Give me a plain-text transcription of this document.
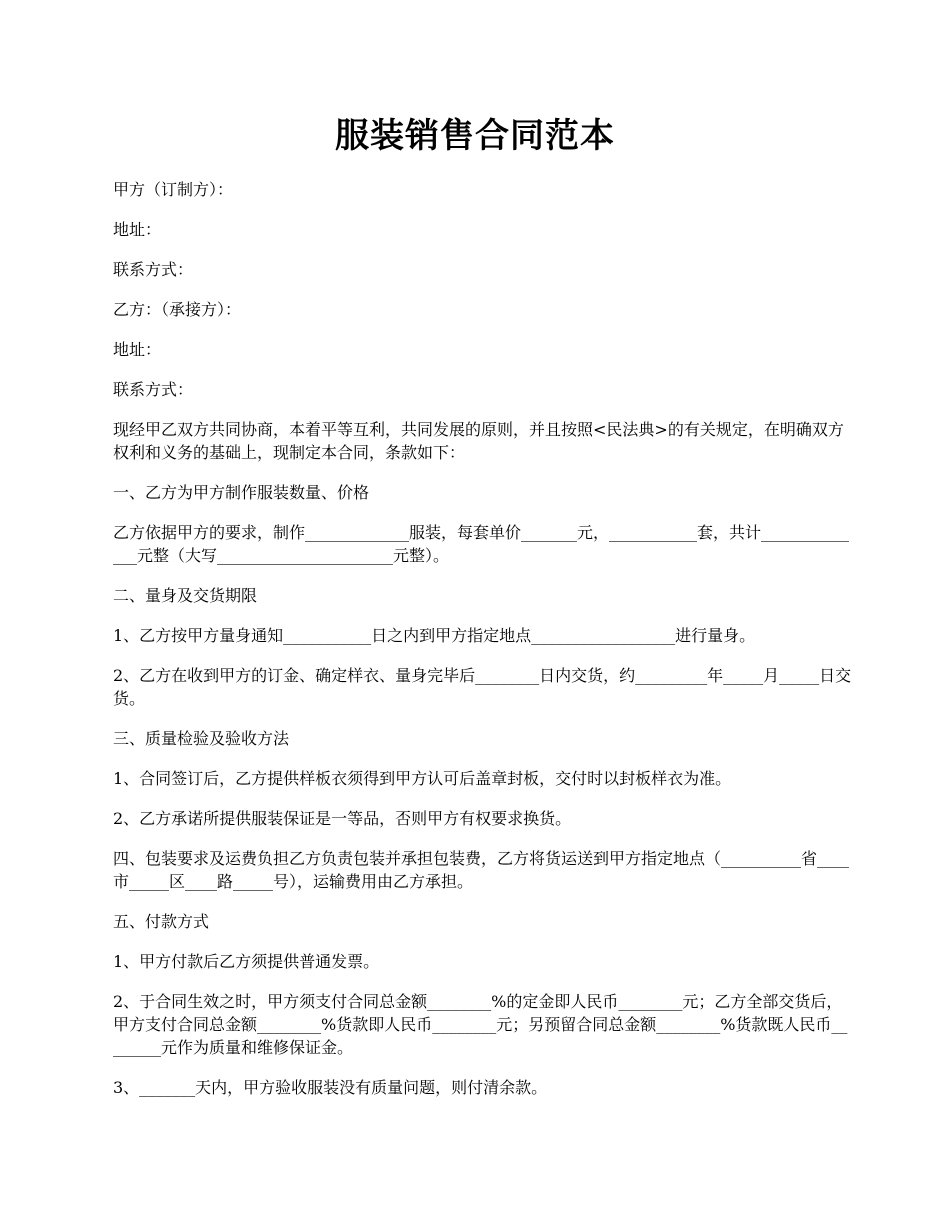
服装销售合同范本

甲方（订制方）：

地址：

联系方式：

乙方：（承接方）：

地址：

联系方式：

现经甲乙双方共同协商，本着平等互利，共同发展的原则，并且按照<民法典>的有关规定，在明确双方权利和义务的基础上，现制定本合同，条款如下：

一、乙方为甲方制作服装数量、价格

乙方依据甲方的要求，制作_____________服装，每套单价_______元，___________套，共计______________元整（大写______________________元整）。

二、量身及交货期限

1、乙方按甲方量身通知___________日之内到甲方指定地点__________________进行量身。

2、乙方在收到甲方的订金、确定样衣、量身完毕后________日内交货，约_________年_____月_____日交货。

三、质量检验及验收方法

1、合同签订后，乙方提供样板衣须得到甲方认可后盖章封板，交付时以封板样衣为准。

2、乙方承诺所提供服装保证是一等品，否则甲方有权要求换货。

四、包装要求及运费负担乙方负责包装并承担包装费，乙方将货运送到甲方指定地点（__________省____市_____区____路_____号），运输费用由乙方承担。

五、付款方式

1、甲方付款后乙方须提供普通发票。

2、于合同生效之时，甲方须支付合同总金额________%的定金即人民币________元；乙方全部交货后，甲方支付合同总金额________%货款即人民币________元；另预留合同总金额________%货款既人民币________元作为质量和维修保证金。

3、_______天内，甲方验收服装没有质量问题，则付清余款。
